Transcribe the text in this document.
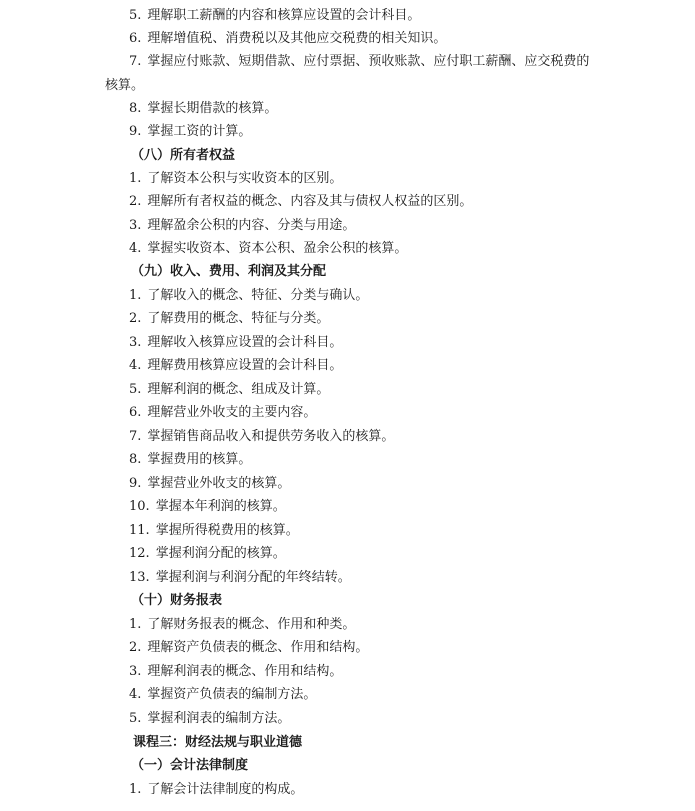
5. 理解职工薪酬的内容和核算应设置的会计科目。
6. 理解增值税、消费税以及其他应交税费的相关知识。
7. 掌握应付账款、短期借款、应付票据、预收账款、应付职工薪酬、应交税费的
核算。
8. 掌握长期借款的核算。
9. 掌握工资的计算。
（八）所有者权益
1. 了解资本公积与实收资本的区别。
2. 理解所有者权益的概念、内容及其与债权人权益的区别。
3. 理解盈余公积的内容、分类与用途。
4. 掌握实收资本、资本公积、盈余公积的核算。
（九）收入、费用、利润及其分配
1. 了解收入的概念、特征、分类与确认。
2. 了解费用的概念、特征与分类。
3. 理解收入核算应设置的会计科目。
4. 理解费用核算应设置的会计科目。
5. 理解利润的概念、组成及计算。
6. 理解营业外收支的主要内容。
7. 掌握销售商品收入和提供劳务收入的核算。
8. 掌握费用的核算。
9. 掌握营业外收支的核算。
10. 掌握本年利润的核算。
11. 掌握所得税费用的核算。
12. 掌握利润分配的核算。
13. 掌握利润与利润分配的年终结转。
（十）财务报表
1. 了解财务报表的概念、作用和种类。
2. 理解资产负债表的概念、作用和结构。
3. 理解利润表的概念、作用和结构。
4. 掌握资产负债表的编制方法。
5. 掌握利润表的编制方法。
课程三：财经法规与职业道德
（一）会计法律制度
1. 了解会计法律制度的构成。
